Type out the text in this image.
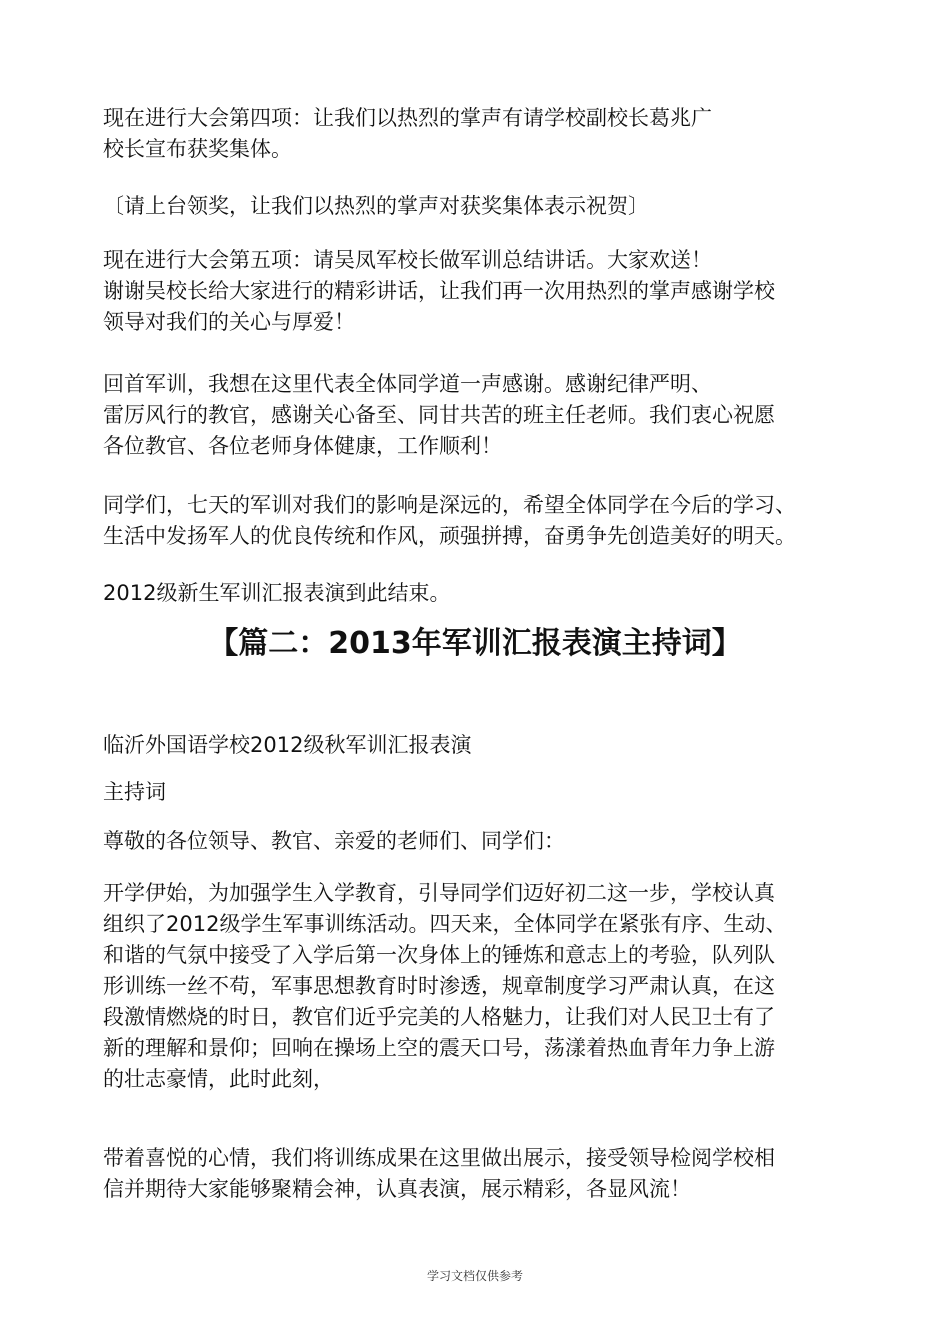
现在进行大会第四项：让我们以热烈的掌声有请学校副校长葛兆广
校长宣布获奖集体。

〔请上台领奖，让我们以热烈的掌声对获奖集体表示祝贺〕

现在进行大会第五项：请吴凤军校长做军训总结讲话。大家欢送！
谢谢吴校长给大家进行的精彩讲话，让我们再一次用热烈的掌声感谢学校
领导对我们的关心与厚爱！

回首军训，我想在这里代表全体同学道一声感谢。感谢纪律严明、
雷厉风行的教官，感谢关心备至、同甘共苦的班主任老师。我们衷心祝愿
各位教官、各位老师身体健康，工作顺利！

同学们，七天的军训对我们的影响是深远的，希望全体同学在今后的学习、
生活中发扬军人的优良传统和作风，顽强拼搏，奋勇争先创造美好的明天。

2012级新生军训汇报表演到此结束。

【篇二：2013年军训汇报表演主持词】

临沂外国语学校2012级秋军训汇报表演

主持词

尊敬的各位领导、教官、亲爱的老师们、同学们：

开学伊始，为加强学生入学教育，引导同学们迈好初二这一步，学校认真
组织了2012级学生军事训练活动。四天来，全体同学在紧张有序、生动、
和谐的气氛中接受了入学后第一次身体上的锤炼和意志上的考验，队列队
形训练一丝不苟，军事思想教育时时渗透，规章制度学习严肃认真，在这
段激情燃烧的时日，教官们近乎完美的人格魅力，让我们对人民卫士有了
新的理解和景仰；回响在操场上空的震天口号，荡漾着热血青年力争上游
的壮志豪情，此时此刻，

带着喜悦的心情，我们将训练成果在这里做出展示，接受领导检阅学校相
信并期待大家能够聚精会神，认真表演，展示精彩，各显风流！

学习文档仅供参考
